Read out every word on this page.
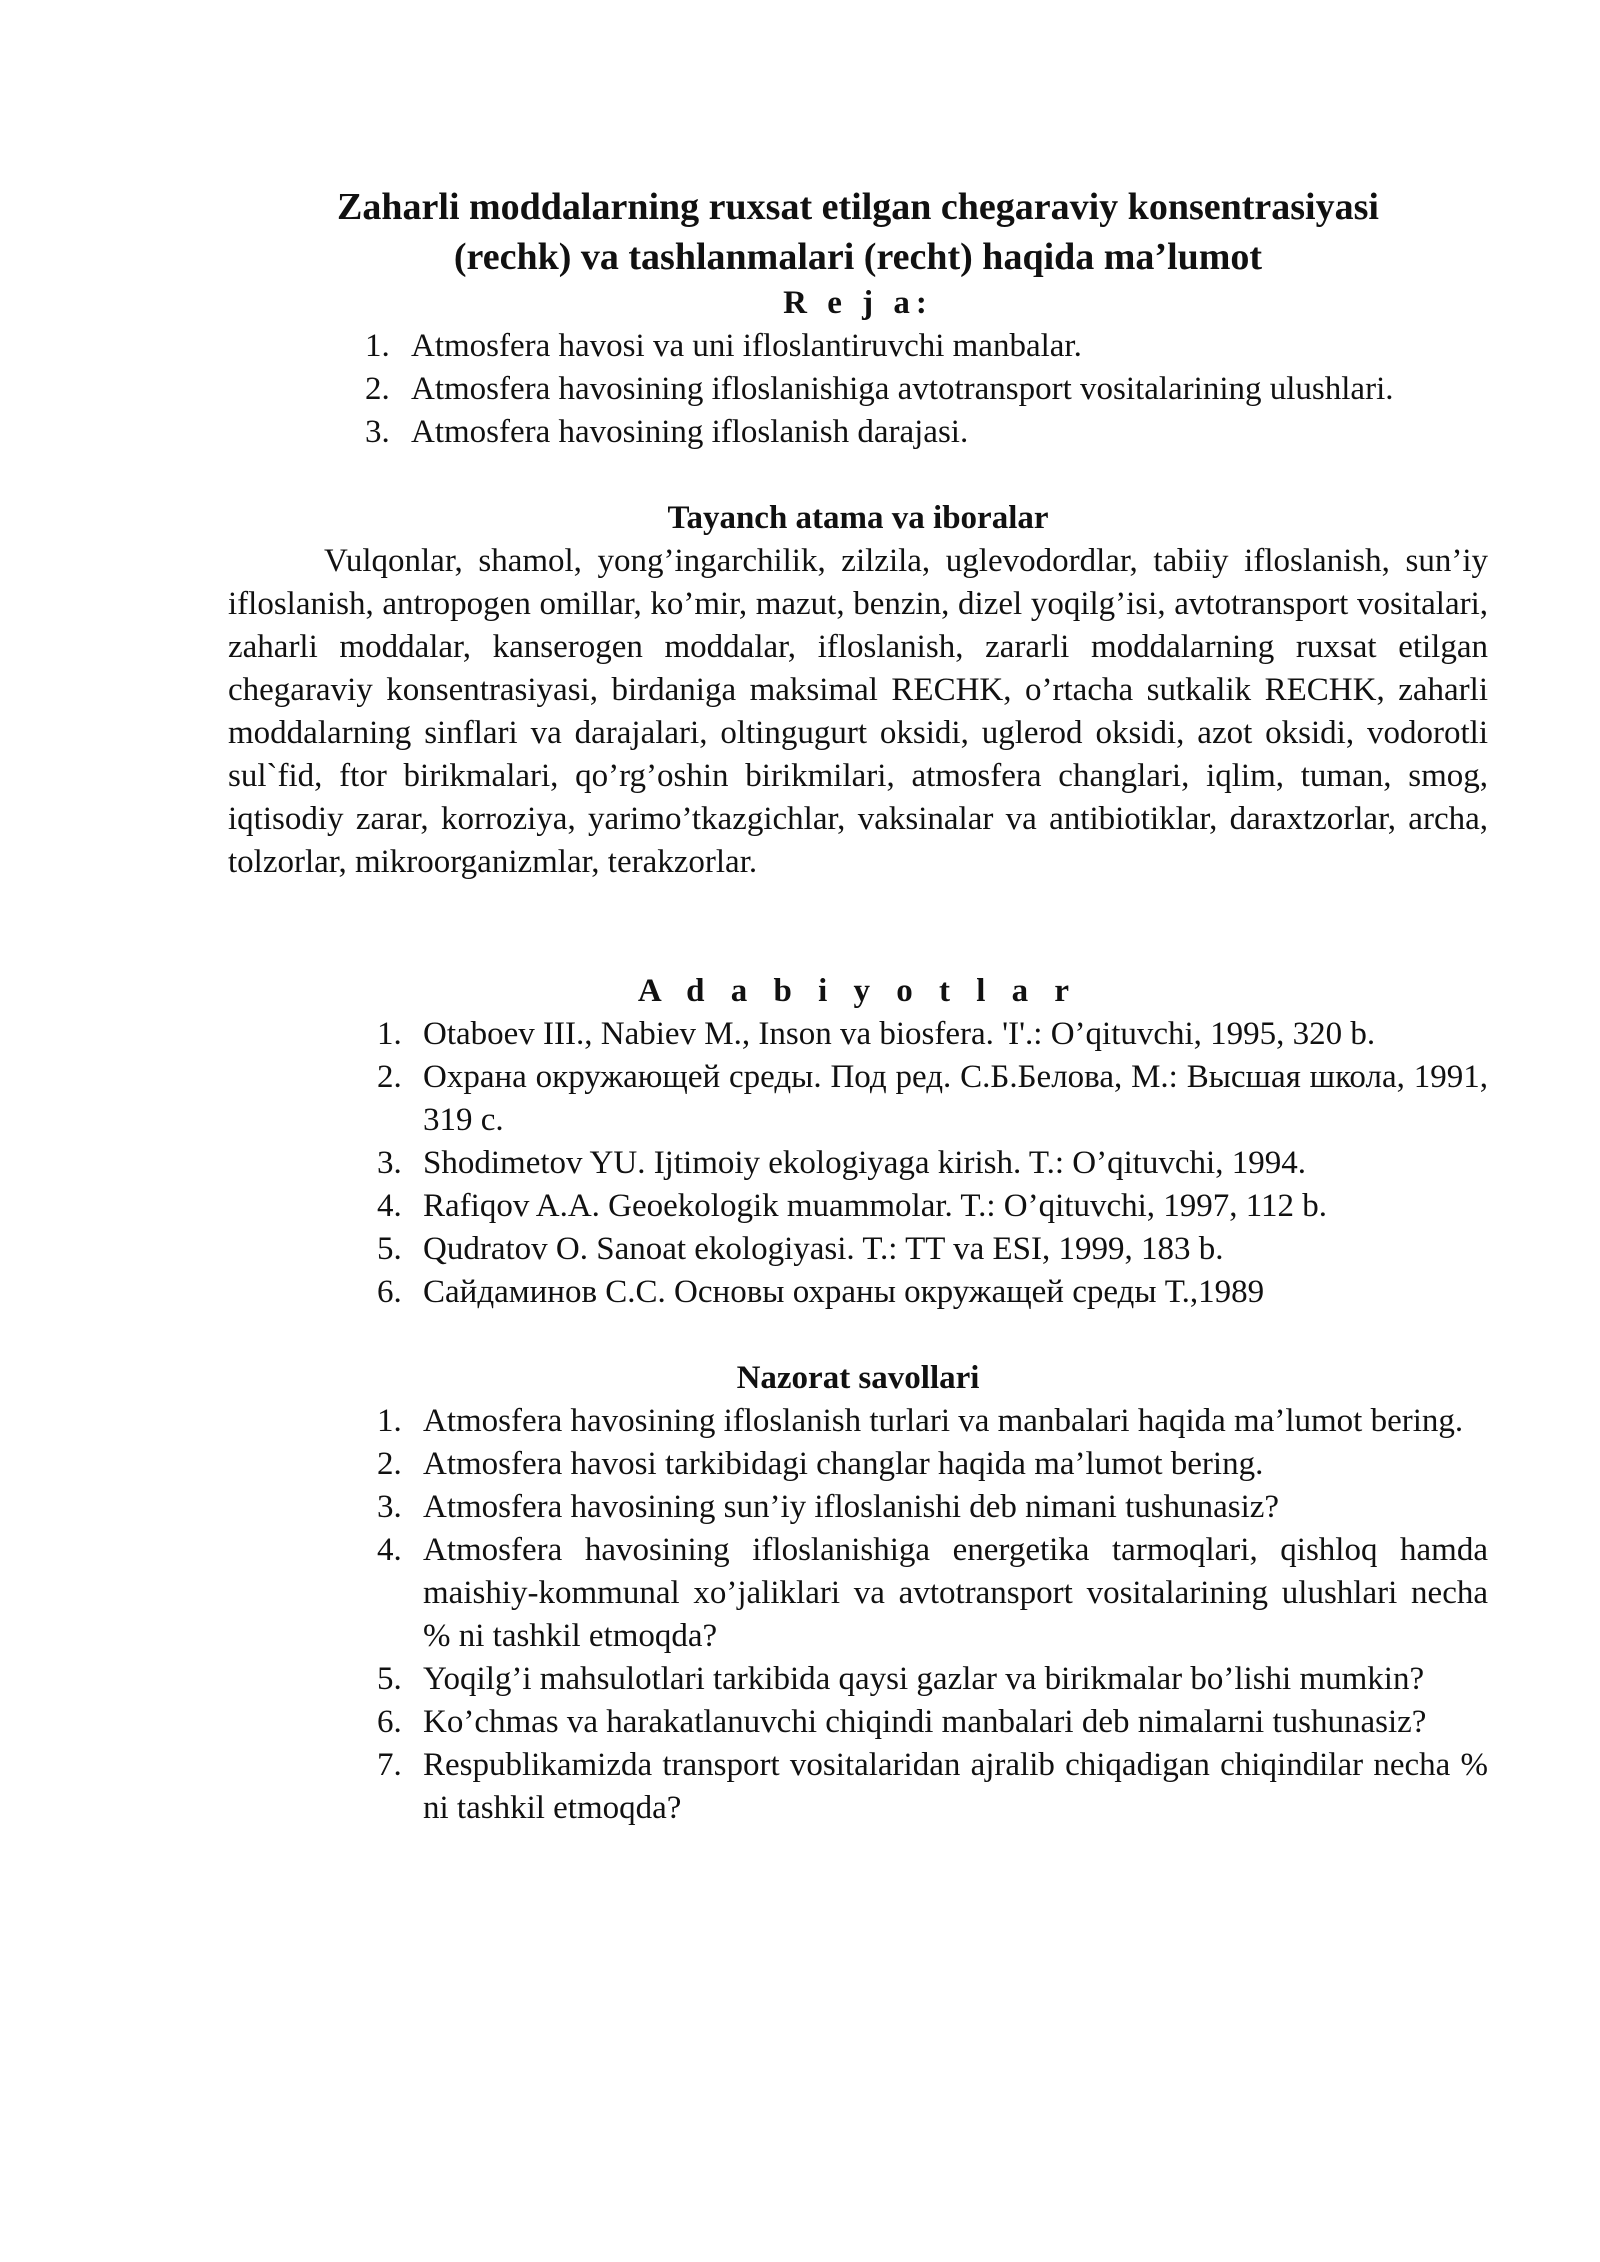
Zaharli moddalarning ruxsat etilgan chegaraviy konsentrasiyasi
(rechk) va tashlanmalari (recht) haqida ma’lumot
R e j a:
1. Atmosfera havosi va uni ifloslantiruvchi manbalar.
2. Atmosfera havosining ifloslanishiga avtotransport vositalarining ulushlari.
3. Atmosfera havosining ifloslanish darajasi.
Tayanch atama va iboralar

Vulqonlar, shamol, yong’ingarchilik, zilzila, uglevodordlar, tabiiy ifloslanish, sun’iy ifloslanish, antropogen omillar, ko’mir, mazut, benzin, dizel yoqilg’isi, avtotransport vositalari, zaharli moddalar, kanserogen moddalar, ifloslanish, zararli moddalarning ruxsat etilgan chegaraviy konsentrasiyasi, birdaniga maksimal RECHK, o’rtacha sutkalik RECHK, zaharli moddalarning sinflari va darajalari, oltingugurt oksidi, uglerod oksidi, azot oksidi, vodorotli sul`fid, ftor birikmalari, qo’rg’oshin birikmilari, atmosfera changlari, iqlim, tuman, smog, iqtisodiy zarar, korroziya, yarimo’tkazgichlar, vaksinalar va antibiotiklar, daraxtzorlar, archa, tolzorlar, mikroorganizmlar, terakzorlar.

A d a b i y o t l a r
1. Otaboev III., Nabiev M., Inson va biosfera. 'I'.: O’qituvchi, 1995, 320 b.
2. Охрана окружающей среды. Под ред. С.Б.Белова, М.: Высшая школа, 1991, 319 с.
3. Shodimetov YU. Ijtimoiy ekologiyaga kirish. T.: O’qituvchi, 1994.
4. Rafiqov A.A. Geoekologik muammolar. T.: O’qituvchi, 1997, 112 b.
5. Qudratov O. Sanoat ekologiyasi. T.: TT va ESI, 1999, 183 b.
6. Сайдаминов С.С. Основы охраны окружащей среды Т.,1989
Nazorat savollari
1. Atmosfera havosining ifloslanish turlari va manbalari haqida ma’lumot bering.
2. Atmosfera havosi tarkibidagi changlar haqida ma’lumot bering.
3. Atmosfera havosining sun’iy ifloslanishi deb nimani tushunasiz?
4. Atmosfera havosining ifloslanishiga energetika tarmoqlari, qishloq hamda maishiy-kommunal xo’jaliklari va avtotransport vositalarining ulushlari necha % ni tashkil etmoqda?
5. Yoqilg’i mahsulotlari tarkibida qaysi gazlar va birikmalar bo’lishi mumkin?
6. Ko’chmas va harakatlanuvchi chiqindi manbalari deb nimalarni tushunasiz?
7. Respublikamizda transport vositalaridan ajralib chiqadigan chiqindilar necha % ni tashkil etmoqda?
